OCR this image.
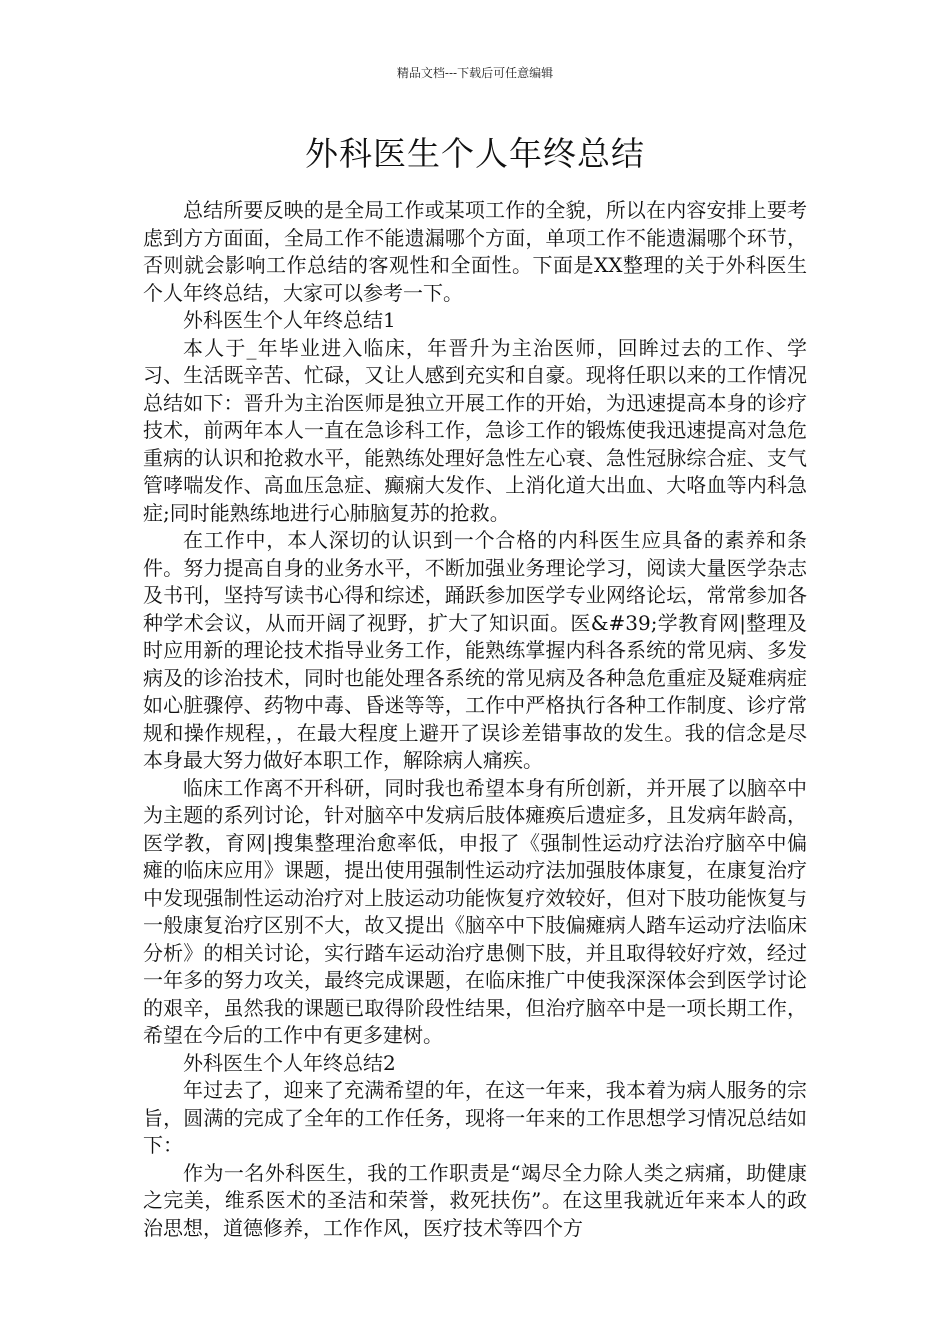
精品文档---下载后可任意编辑
外科医生个人年终总结

总结所要反映的是全局工作或某项工作的全貌，所以在内容安排上要考虑到方方面面，全局工作不能遗漏哪个方面，单项工作不能遗漏哪个环节，否则就会影响工作总结的客观性和全面性。下面是XX整理的关于外科医生个人年终总结，大家可以参考一下。

外科医生个人年终总结1

本人于_年毕业进入临床，年晋升为主治医师，回眸过去的工作、学习、生活既辛苦、忙碌，又让人感到充实和自豪。现将任职以来的工作情况总结如下：晋升为主治医师是独立开展工作的开始，为迅速提高本身的诊疗技术，前两年本人一直在急诊科工作，急诊工作的锻炼使我迅速提高对急危重病的认识和抢救水平，能熟练处理好急性左心衰、急性冠脉综合症、支气管哮喘发作、高血压急症、癫痫大发作、上消化道大出血、大咯血等内科急症;同时能熟练地进行心肺脑复苏的抢救。

在工作中，本人深切的认识到一个合格的内科医生应具备的素养和条件。努力提高自身的业务水平，不断加强业务理论学习，阅读大量医学杂志及书刊，坚持写读书心得和综述，踊跃参加医学专业网络论坛，常常参加各种学术会议，从而开阔了视野，扩大了知识面。医&#39;学教育网|整理及时应用新的理论技术指导业务工作，能熟练掌握内科各系统的常见病、多发病及的诊治技术，同时也能处理各系统的常见病及各种急危重症及疑难病症如心脏骤停、药物中毒、昏迷等等，工作中严格执行各种工作制度、诊疗常规和操作规程，，在最大程度上避开了误诊差错事故的发生。我的信念是尽本身最大努力做好本职工作，解除病人痛疾。

临床工作离不开科研，同时我也希望本身有所创新，并开展了以脑卒中为主题的系列讨论，针对脑卒中发病后肢体瘫痪后遗症多，且发病年龄高，医学教，育网|搜集整理治愈率低，申报了《强制性运动疗法治疗脑卒中偏瘫的临床应用》课题，提出使用强制性运动疗法加强肢体康复，在康复治疗中发现强制性运动治疗对上肢运动功能恢复疗效较好，但对下肢功能恢复与一般康复治疗区别不大，故又提出《脑卒中下肢偏瘫病人踏车运动疗法临床分析》的相关讨论，实行踏车运动治疗患侧下肢，并且取得较好疗效，经过一年多的努力攻关，最终完成课题，在临床推广中使我深深体会到医学讨论的艰辛，虽然我的课题已取得阶段性结果，但治疗脑卒中是一项长期工作，希望在今后的工作中有更多建树。

外科医生个人年终总结2

年过去了，迎来了充满希望的年，在这一年来，我本着为病人服务的宗旨，圆满的完成了全年的工作任务，现将一年来的工作思想学习情况总结如下：

作为一名外科医生，我的工作职责是“竭尽全力除人类之病痛，助健康之完美，维系医术的圣洁和荣誉，救死扶伤”。在这里我就近年来本人的政治思想，道德修养，工作作风，医疗技术等四个方
